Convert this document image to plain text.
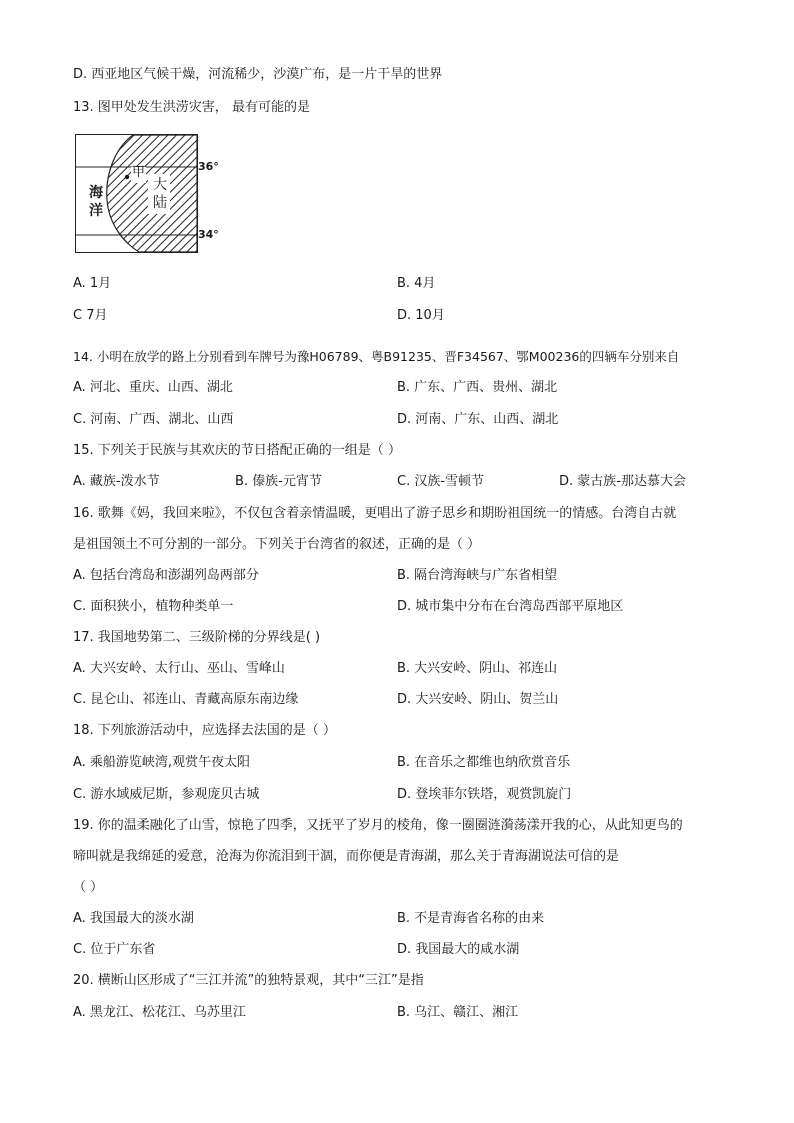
D. 西亚地区气候干燥，河流稀少，沙漠广布，是一片干旱的世界
13. 图甲处发生洪涝灾害， 最有可能的是
甲
大
陆
海
洋
36°
34°
A. 1月	B. 4月
C 7月	D. 10月
14. 小明在放学的路上分别看到车牌号为豫H06789、粤B91235、晋F34567、鄂M00236的四辆车分别来自
A. 河北、重庆、山西、湖北	B. 广东、广西、贵州、湖北
C. 河南、广西、湖北、山西	D. 河南、广东、山西、湖北
15. 下列关于民族与其欢庆的节日搭配正确的一组是（ ）
A. 藏族-泼水节	B. 傣族-元宵节	C. 汉族-雪顿节	D. 蒙古族-那达慕大会
16. 歌舞《妈，我回来啦》，不仅包含着亲情温暖，更唱出了游子思乡和期盼祖国统一的情感。台湾自古就
是祖国领土不可分割的一部分。下列关于台湾省的叙述，正确的是（ ）
A. 包括台湾岛和澎湖列岛两部分	B. 隔台湾海峡与广东省相望
C. 面积狭小，植物种类单一	D. 城市集中分布在台湾岛西部平原地区
17. 我国地势第二、三级阶梯的分界线是( )
A. 大兴安岭、太行山、巫山、雪峰山	B. 大兴安岭、阴山、祁连山
C. 昆仑山、祁连山、青藏高原东南边缘	D. 大兴安岭、阴山、贺兰山
18. 下列旅游活动中，应选择去法国的是（ ）
A. 乘船游览峡湾,观赏午夜太阳	B. 在音乐之都维也纳欣赏音乐
C. 游水域威尼斯，参观庞贝古城	D. 登埃菲尔铁塔，观赏凯旋门
19. 你的温柔融化了山雪，惊艳了四季，又抚平了岁月的棱角，像一圈圈涟漪荡漾开我的心，从此知更鸟的
啼叫就是我绵延的爱意，沧海为你流泪到干涸，而你便是青海湖，那么关于青海湖说法可信的是
（ ）
A. 我国最大的淡水湖	B. 不是青海省名称的由来
C. 位于广东省	D. 我国最大的咸水湖
20. 横断山区形成了“三江并流”的独特景观，其中“三江”是指
A. 黑龙江、松花江、乌苏里江	B. 乌江、赣江、湘江
